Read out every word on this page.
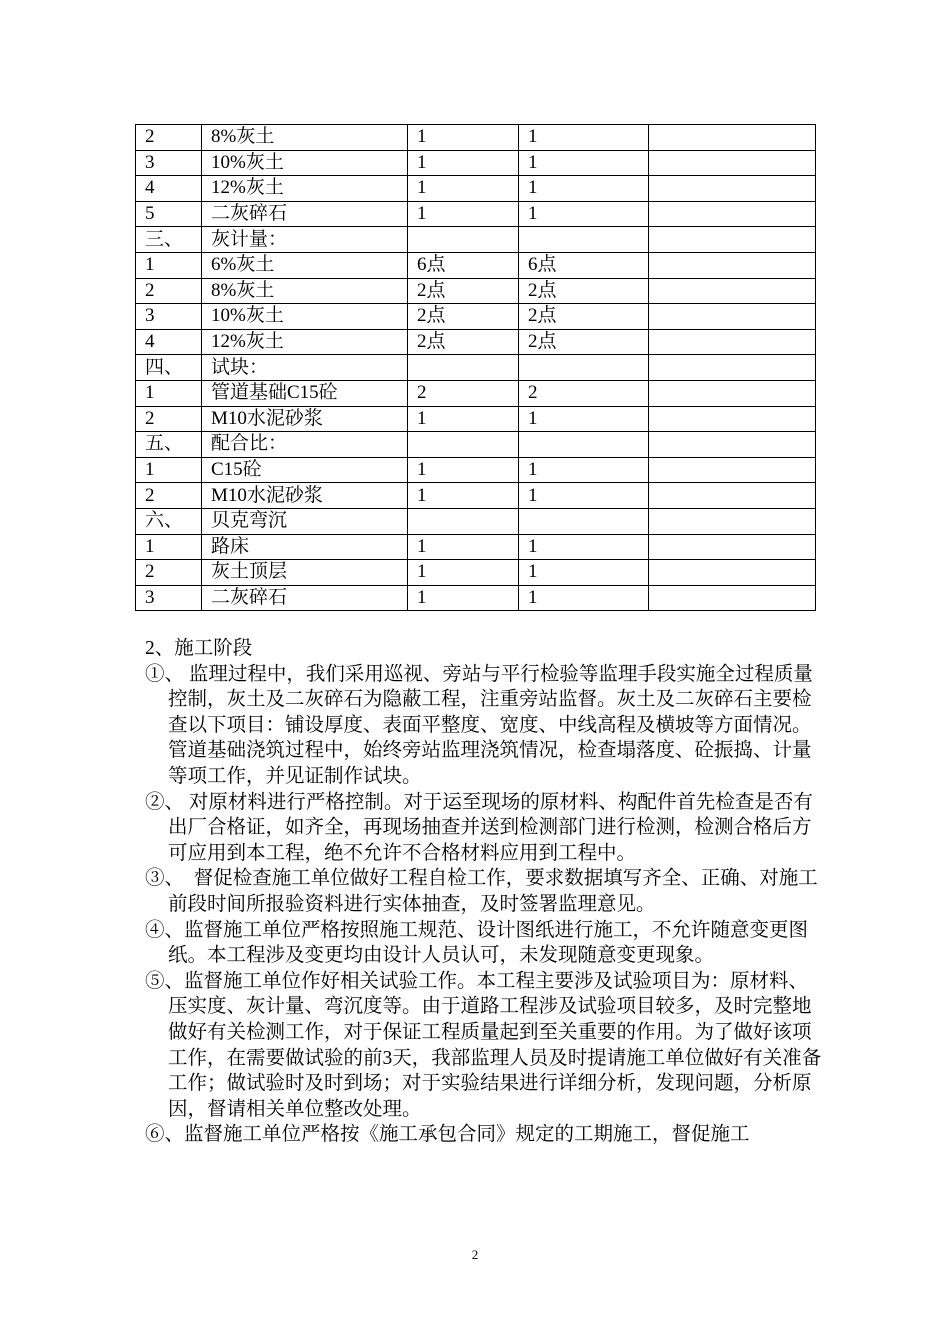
2	8%灰土	1	1	
3	10%灰土	1	1	
4	12%灰土	1	1	
5	二灰碎石	1	1	
三、	灰计量：			
1	6%灰土	6点	6点	
2	8%灰土	2点	2点	
3	10%灰土	2点	2点	
4	12%灰土	2点	2点	
四、	试块：			
1	管道基础C15砼	2	2	
2	M10水泥砂浆	1	1	
五、	配合比：			
1	C15砼	1	1	
2	M10水泥砂浆	1	1	
六、	贝克弯沉			
1	路床	1	1	
2	灰土顶层	1	1	
3	二灰碎石	1	1	

2、施工阶段

①、 监理过程中，我们采用巡视、旁站与平行检验等监理手段实施全过程质量控制，灰土及二灰碎石为隐蔽工程，注重旁站监督。灰土及二灰碎石主要检查以下项目：铺设厚度、表面平整度、宽度、中线高程及横坡等方面情况。管道基础浇筑过程中，始终旁站监理浇筑情况，检查塌落度、砼振捣、计量等项工作，并见证制作试块。

②、 对原材料进行严格控制。对于运至现场的原材料、构配件首先检查是否有出厂合格证，如齐全，再现场抽查并送到检测部门进行检测，检测合格后方可应用到本工程，绝不允许不合格材料应用到工程中。

③、　督促检查施工单位做好工程自检工作，要求数据填写齐全、正确、对施工前段时间所报验资料进行实体抽查，及时签署监理意见。

④、监督施工单位严格按照施工规范、设计图纸进行施工，不允许随意变更图纸。本工程涉及变更均由设计人员认可，未发现随意变更现象。

⑤、监督施工单位作好相关试验工作。本工程主要涉及试验项目为：原材料、压实度、灰计量、弯沉度等。由于道路工程涉及试验项目较多，及时完整地做好有关检测工作，对于保证工程质量起到至关重要的作用。为了做好该项工作，在需要做试验的前3天，我部监理人员及时提请施工单位做好有关准备工作；做试验时及时到场；对于实验结果进行详细分析，发现问题，分析原因，督请相关单位整改处理。

⑥、监督施工单位严格按《施工承包合同》规定的工期施工，督促施工

2
